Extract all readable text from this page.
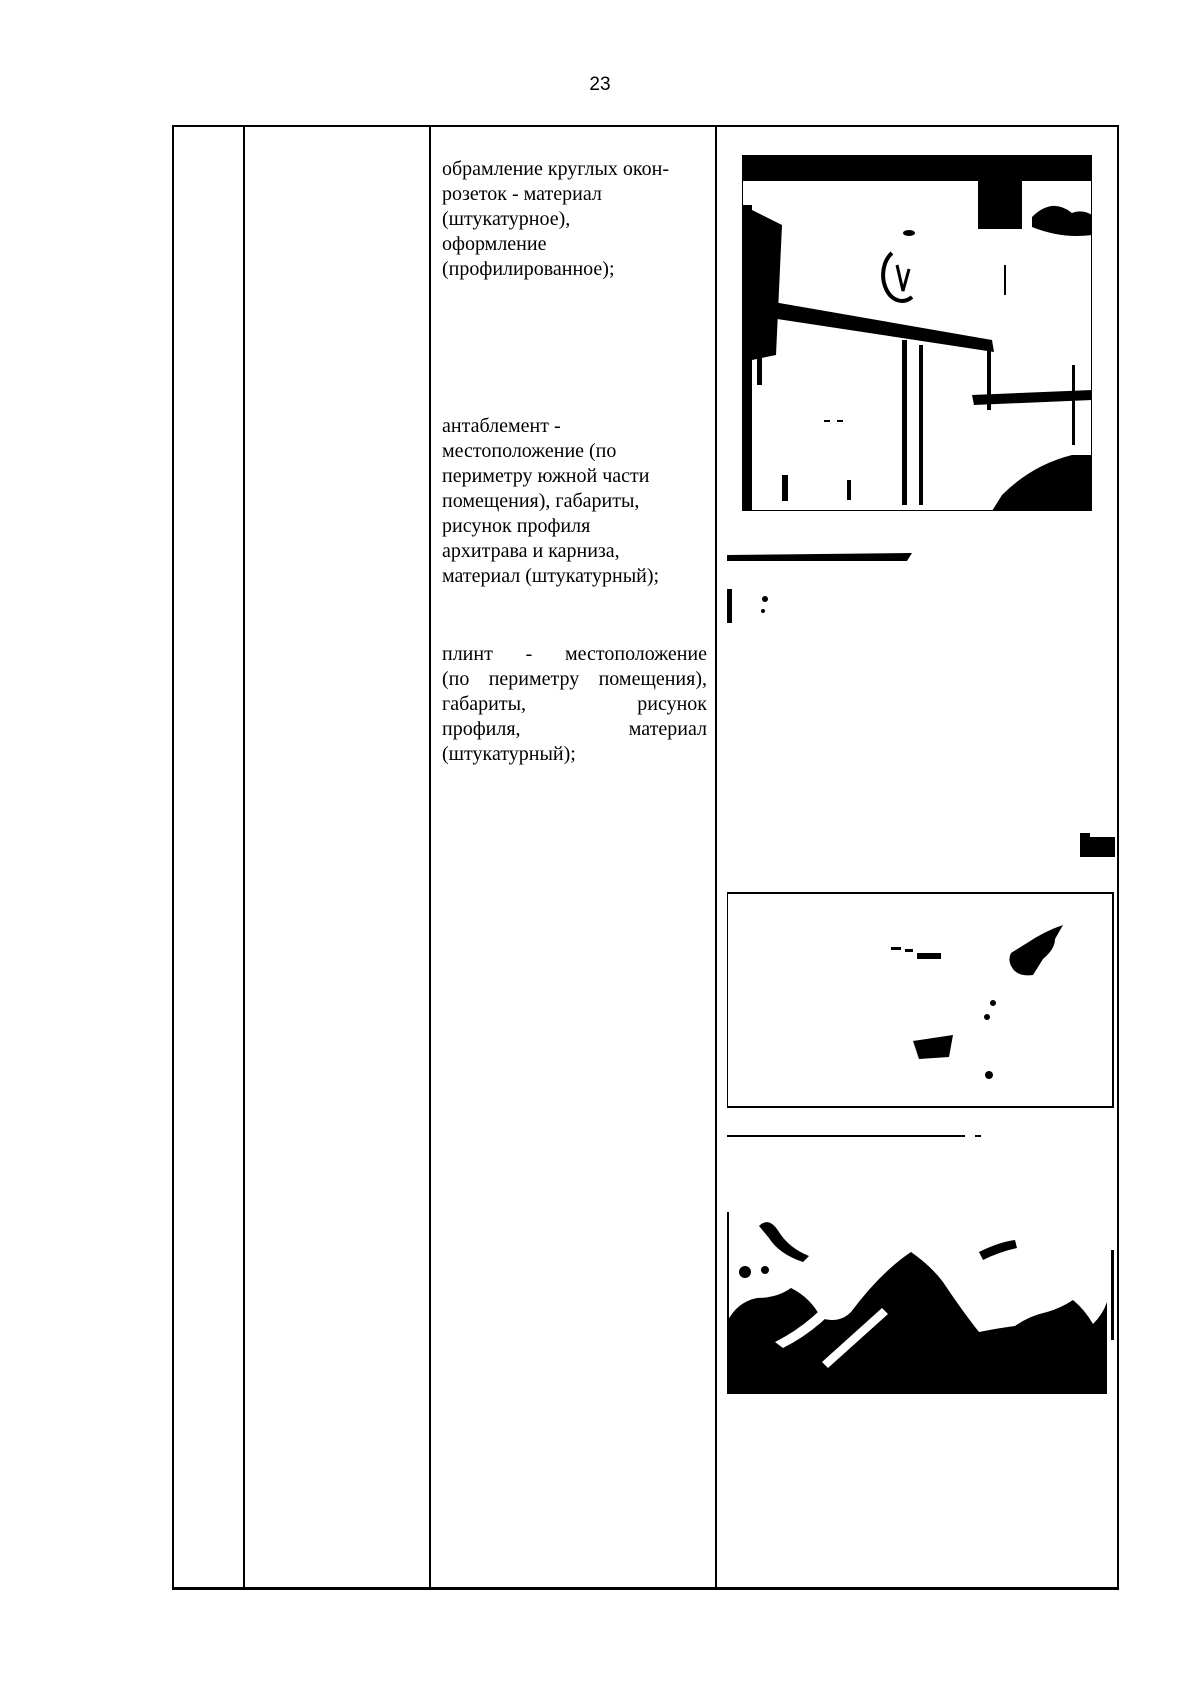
23
обрамление круглых окон-
розеток - материал
(штукатурное),
оформление
(профилированное);
антаблемент -
местоположение (по
периметру южной части
помещения), габариты,
рисунок профиля
архитрава и карниза,
материал (штукатурный);
плинт - местоположение
(по периметру помещения),
габариты, рисунок
профиля, материал
(штукатурный);
